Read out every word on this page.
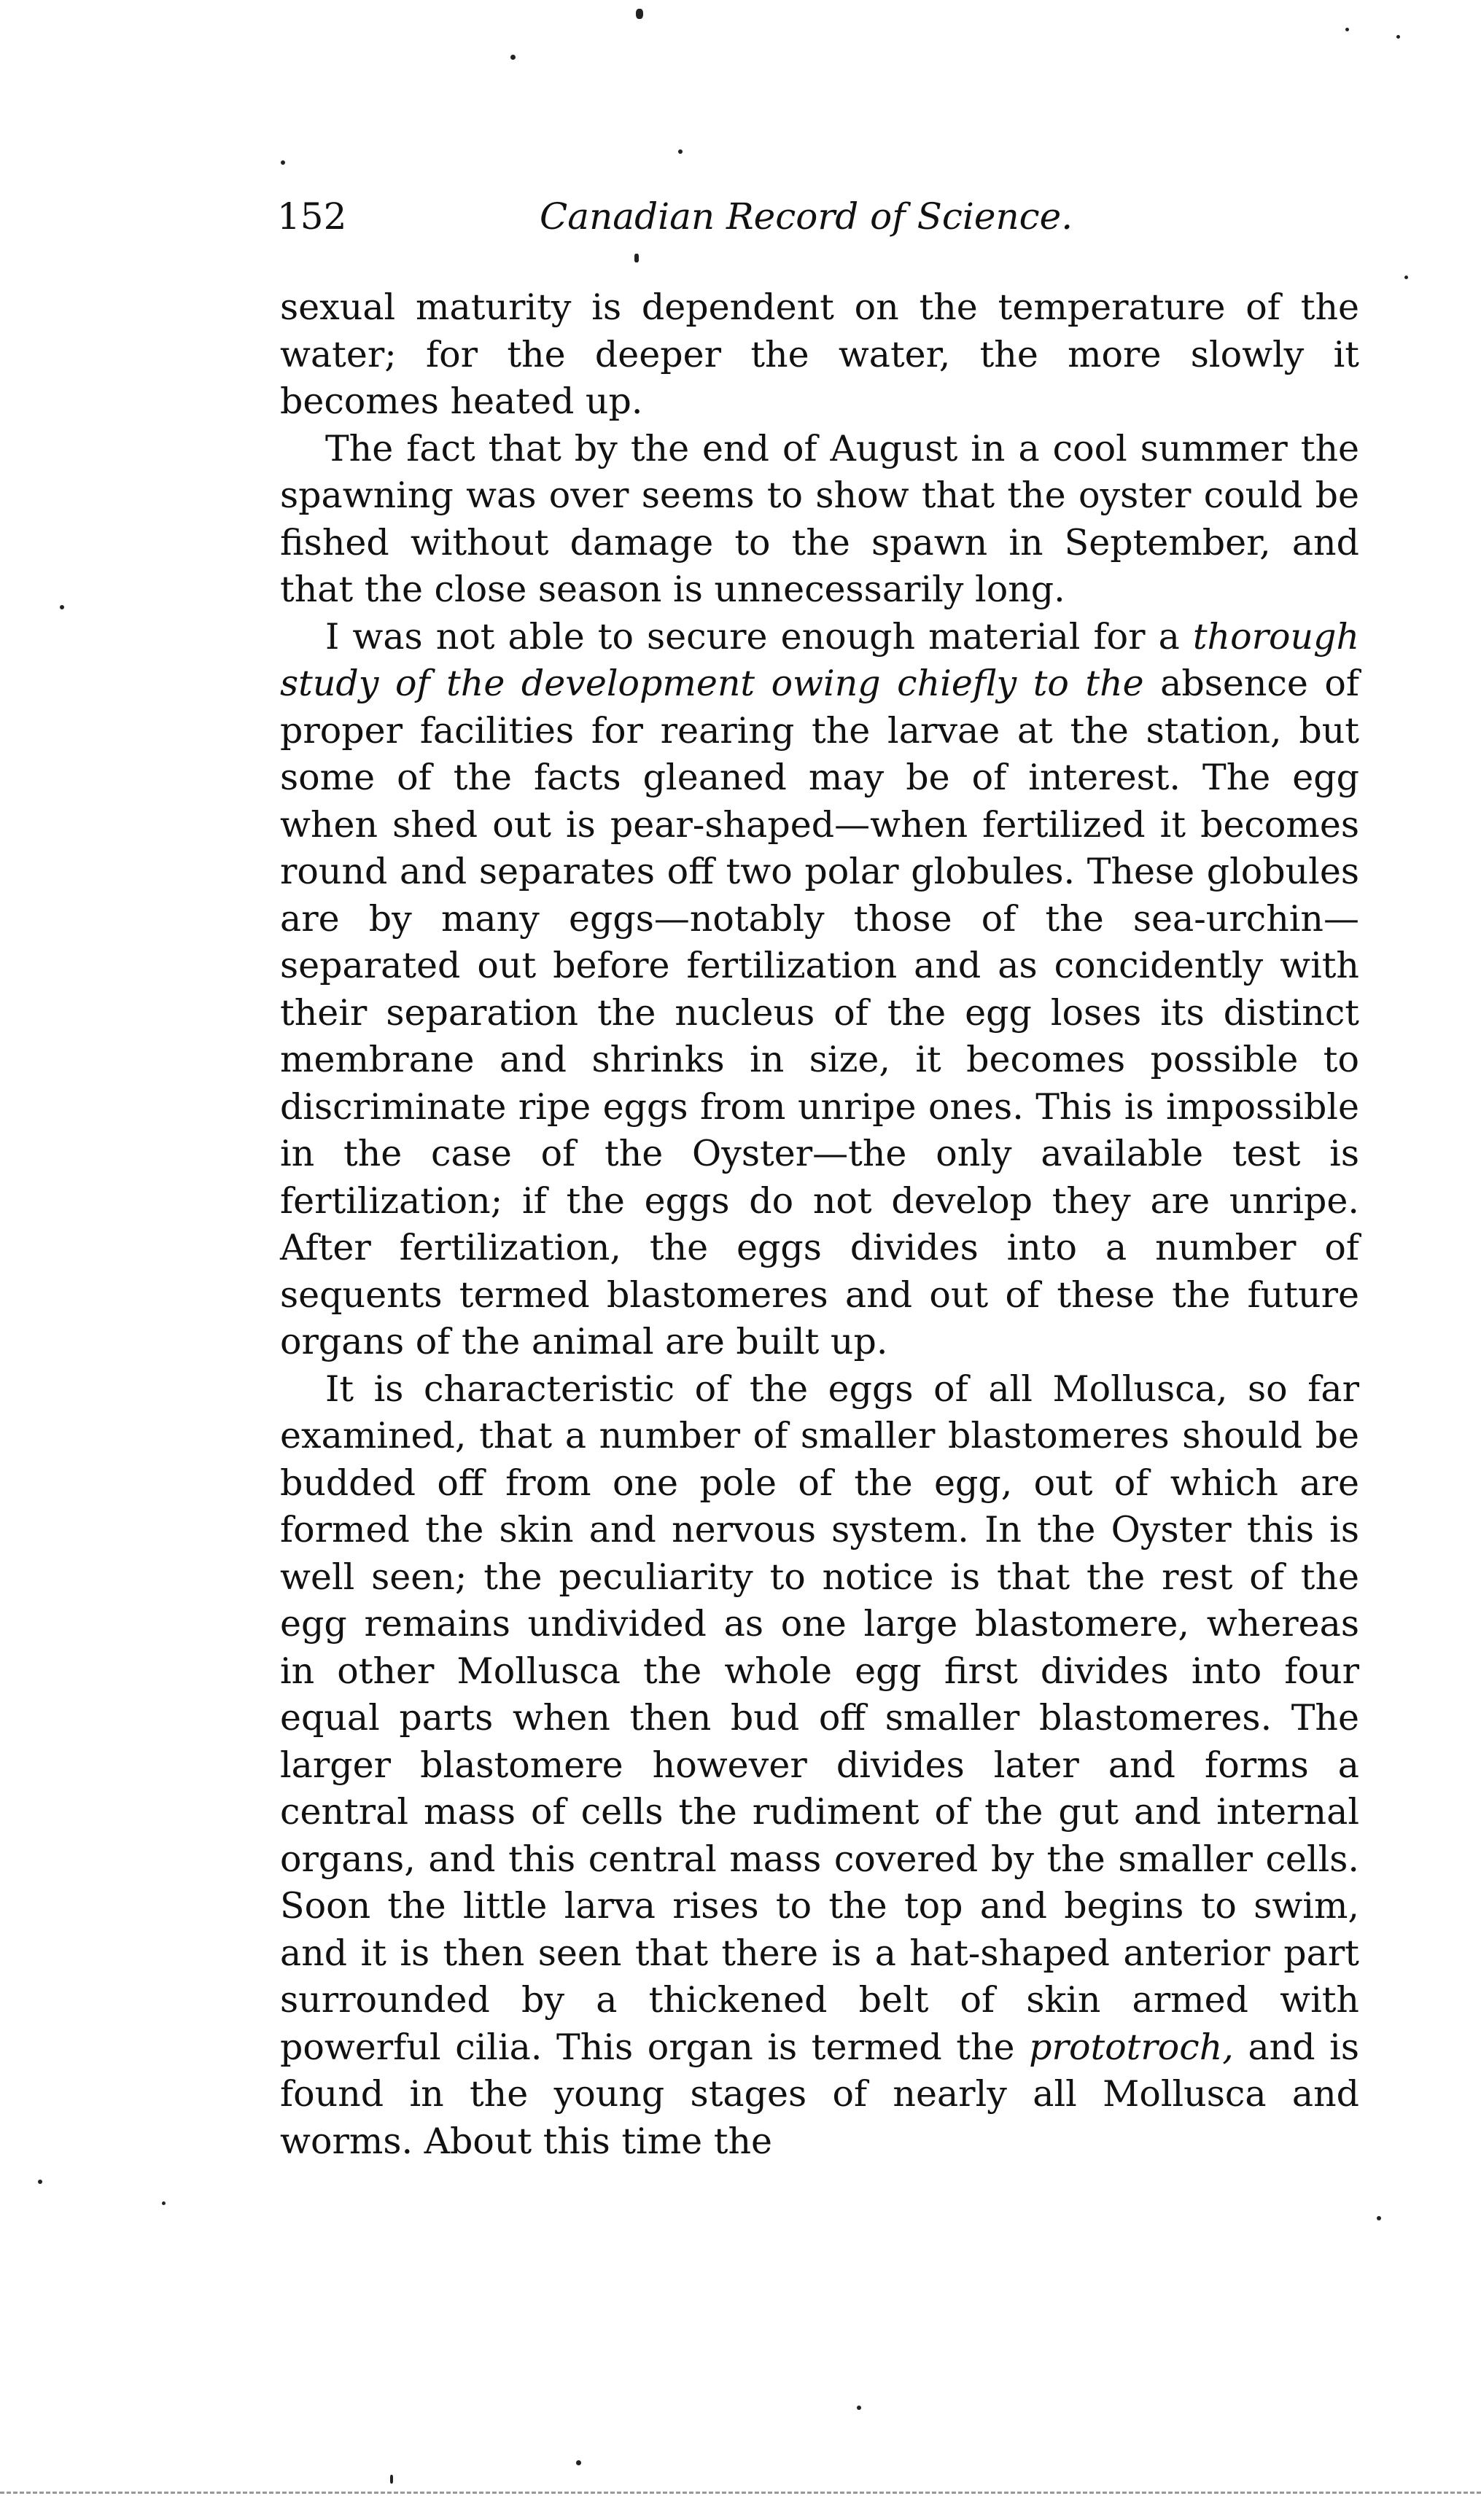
152	Canadian Record of Science.

sexual maturity is dependent on the temperature of the water; for the deeper the water, the more slowly it becomes heated up.

The fact that by the end of August in a cool summer the spawning was over seems to show that the oyster could be fished without damage to the spawn in September, and that the close season is unnecessarily long.

I was not able to secure enough material for a thorough study of the development owing chiefly to the absence of proper facilities for rearing the larvae at the station, but some of the facts gleaned may be of interest. The egg when shed out is pear-shaped—when fertilized it becomes round and separates off two polar globules. These globules are by many eggs—notably those of the sea-urchin—separated out before fertilization and as concidently with their separation the nucleus of the egg loses its distinct membrane and shrinks in size, it becomes possible to discriminate ripe eggs from unripe ones. This is impossible in the case of the Oyster—the only available test is fertilization; if the eggs do not develop they are unripe. After fertilization, the eggs divides into a number of sequents termed blastomeres and out of these the future organs of the animal are built up.

It is characteristic of the eggs of all Mollusca, so far examined, that a number of smaller blastomeres should be budded off from one pole of the egg, out of which are formed the skin and nervous system. In the Oyster this is well seen; the peculiarity to notice is that the rest of the egg remains undivided as one large blastomere, whereas in other Mollusca the whole egg first divides into four equal parts when then bud off smaller blastomeres. The larger blastomere however divides later and forms a central mass of cells the rudiment of the gut and internal organs, and this central mass covered by the smaller cells. Soon the little larva rises to the top and begins to swim, and it is then seen that there is a hat-shaped anterior part surrounded by a thickened belt of skin armed with powerful cilia. This organ is termed the prototroch, and is found in the young stages of nearly all Mollusca and worms. About this time the
